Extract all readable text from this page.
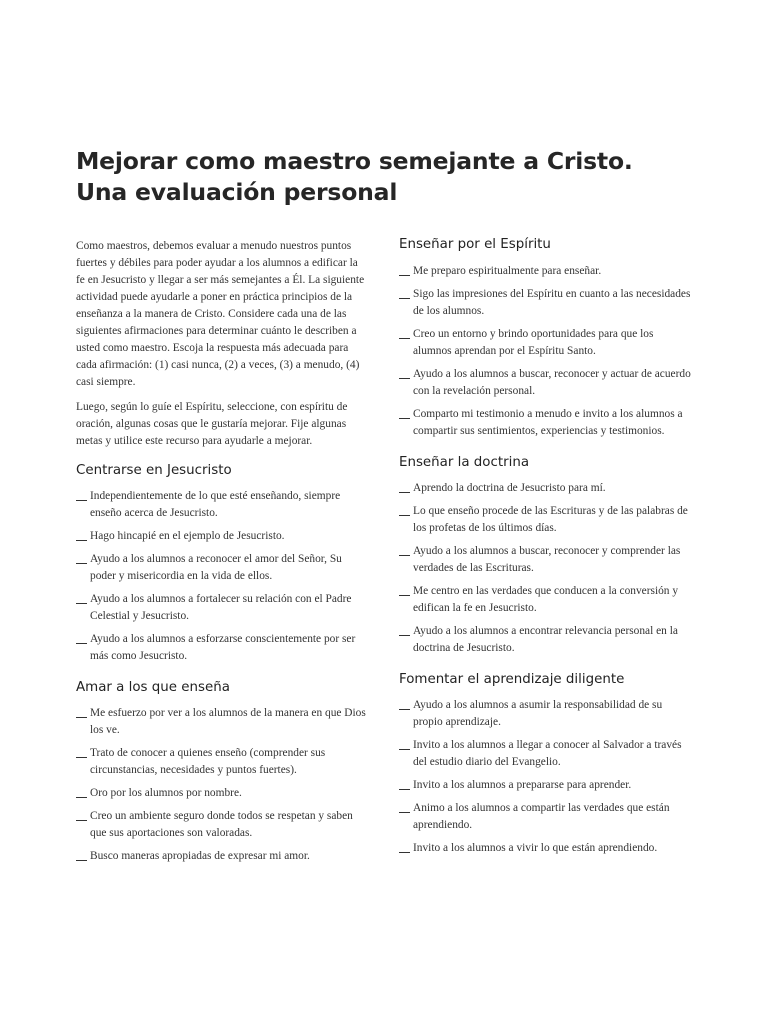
Mejorar como maestro semejante a Cristo.
Una evaluación personal

Como maestros, debemos evaluar a menudo nuestros puntos fuertes y débiles para poder ayudar a los alumnos a edificar la fe en Jesucristo y llegar a ser más semejantes a Él. La siguiente actividad puede ayudarle a poner en práctica principios de la enseñanza a la manera de Cristo. Considere cada una de las siguientes afirmaciones para determinar cuánto le describen a usted como maestro. Escoja la respuesta más adecuada para cada afirmación: (1) casi nunca, (2) a veces, (3) a menudo, (4) casi siempre.

Luego, según lo guíe el Espíritu, seleccione, con espíritu de oración, algunas cosas que le gustaría mejorar. Fije algunas metas y utilice este recurso para ayudarle a mejorar.

Centrarse en Jesucristo
Independientemente de lo que esté enseñando, siempre enseño acerca de Jesucristo.
Hago hincapié en el ejemplo de Jesucristo.
Ayudo a los alumnos a reconocer el amor del Señor, Su poder y misericordia en la vida de ellos.
Ayudo a los alumnos a fortalecer su relación con el Padre Celestial y Jesucristo.
Ayudo a los alumnos a esforzarse conscientemente por ser más como Jesucristo.
Amar a los que enseña
Me esfuerzo por ver a los alumnos de la manera en que Dios los ve.
Trato de conocer a quienes enseño (comprender sus circunstancias, necesidades y puntos fuertes).
Oro por los alumnos por nombre.
Creo un ambiente seguro donde todos se respetan y saben que sus aportaciones son valoradas.
Busco maneras apropiadas de expresar mi amor.
Enseñar por el Espíritu
Me preparo espiritualmente para enseñar.
Sigo las impresiones del Espíritu en cuanto a las necesidades de los alumnos.
Creo un entorno y brindo oportunidades para que los alumnos aprendan por el Espíritu Santo.
Ayudo a los alumnos a buscar, reconocer y actuar de acuerdo con la revelación personal.
Comparto mi testimonio a menudo e invito a los alumnos a compartir sus sentimientos, experiencias y testimonios.
Enseñar la doctrina
Aprendo la doctrina de Jesucristo para mí.
Lo que enseño procede de las Escrituras y de las palabras de los profetas de los últimos días.
Ayudo a los alumnos a buscar, reconocer y comprender las verdades de las Escrituras.
Me centro en las verdades que conducen a la conversión y edifican la fe en Jesucristo.
Ayudo a los alumnos a encontrar relevancia personal en la doctrina de Jesucristo.
Fomentar el aprendizaje diligente
Ayudo a los alumnos a asumir la responsabilidad de su propio aprendizaje.
Invito a los alumnos a llegar a conocer al Salvador a través del estudio diario del Evangelio.
Invito a los alumnos a prepararse para aprender.
Animo a los alumnos a compartir las verdades que están aprendiendo.
Invito a los alumnos a vivir lo que están aprendiendo.
